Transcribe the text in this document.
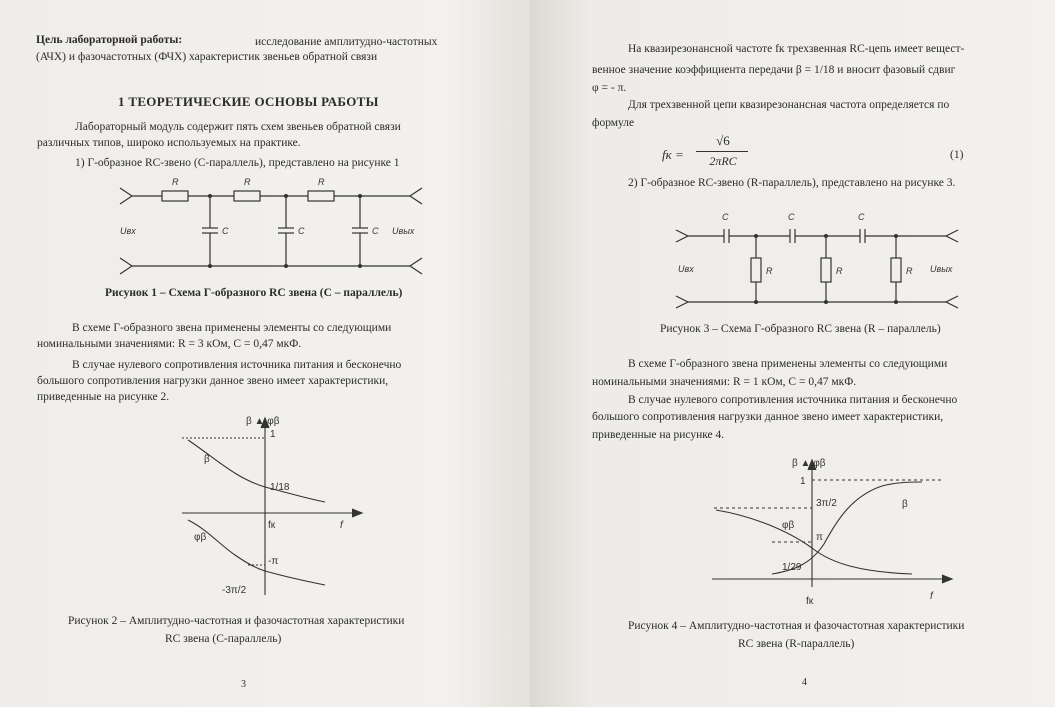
Цель лабораторной работы:	исследование амплитудно-частотных
(АЧХ) и фазочастотных (ФЧХ) характеристик звеньев обратной связи
1 ТЕОРЕТИЧЕСКИЕ ОСНОВЫ РАБОТЫ
Лабораторный модуль содержит пять схем звеньев обратной связи
различных типов, широко используемых на практике.
1) Г-образное RC-звено (С-параллель), представлено на рисунке 1
R	R	R
C	C	C
Uвх	Uвых
Рисунок 1 – Схема Г-образного RC звена (С – параллель)
В схеме Г-образного звена применены элементы со следующими
номинальными значениями: R = 3 кОм, С = 0,47 мкФ.
В случае нулевого сопротивления источника питания и бесконечно
большого сопротивления нагрузки данное звено имеет характеристики,
приведенные на рисунке 2.
β ▲ φβ
1
β
1/18
fк	f
φβ
-π
-3π/2
Рисунок 2 – Амплитудно-частотная и фазочастотная характеристики
RC звена (С-параллель)
3
На квазирезонансной частоте fк трехзвенная RC-цепь имеет вещест-
венное значение коэффициента передачи β = 1/18 и вносит фазовый сдвиг
φ = - π.
Для трехзвенной цепи квазирезонансная частота определяется по
формуле
fк =
√6
2πRC	(1)
2) Г-образное RC-звено (R-параллель), представлено на рисунке 3.
C	C	C
R	R	R
Uвх	Uвых
Рисунок 3 – Схема Г-образного RC звена (R – параллель)
В схеме Г-образного звена применены элементы со следующими
номинальными значениями: R = 1 кОм, С = 0,47 мкФ.
В случае нулевого сопротивления источника питания и бесконечно
большого сопротивления нагрузки данное звено имеет характеристики,
приведенные на рисунке 4.
β ▲ φβ
1
3π/2	β
φβ
π
1/29
fк	f
Рисунок 4 – Амплитудно-частотная и фазочастотная характеристики
RC звена (R-параллель)
4
